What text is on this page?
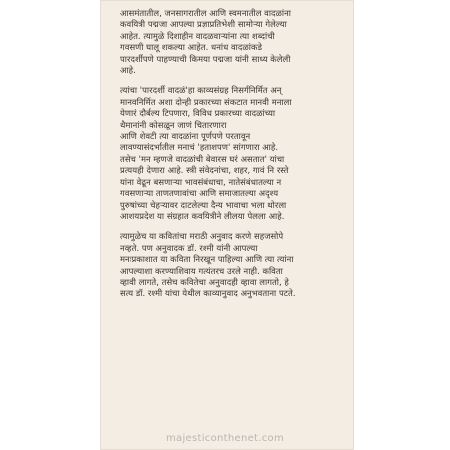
आसमंतातील, जनसागरातील आणि स्वमनातील वादळांना
कवयित्री पद्मजा आपल्या प्रज्ञाप्रतिभेशी सामोऱ्या गेलेल्या
आहेत. त्यामुळे दिशाहीन वादळवाऱ्यांना त्या शब्दांची
गवसणी घालू शकल्या आहेत. धनांध वादळांकडे
पारदर्शीपणे पाहण्याची किमया पद्मजा यांनी साध्य केलेली
आहे.
त्यांचा 'पारदर्शी वादळं'हा काव्यसंग्रह निसर्गनिर्मित अन्
मानवनिर्मित अशा दोन्ही प्रकारच्या संकटात मानवी मनाला
येणारं दौर्बल्य टिपणारा, विविध प्रकारच्या वादळांच्या
थैमानांनी कोसळून जाणं चितारणारा
आणि शेवटी त्या वादळांना पूर्णपणे परतावून
लावण्यासंदर्भातील मनाचं 'हताशपण' सांगणारा आहे.
तसेच 'मन म्हणजे वादळांची बेवारस घरं असतात' यांचा
प्रत्ययही देणारा आहे. स्त्री संवेदनांचा, शहर, गावं नि रस्ते
यांना वेढून बसणाऱ्या भावसंबंधाचा, नातेसंबंधातल्या न
गवसणाऱ्या ताणतणावांचा आणि समाजातल्या अदृश्य
पुरुषांच्या चेहऱ्यावर दाटलेल्या दैन्य भावाचा भला थोरला
आशयप्रदेश या संग्रहात कवयित्रीने लीलया पेलला आहे.
त्यामुळेच या कवितांचा मराठी अनुवाद करणे सहजसोपे
नव्हते. पण अनुवादक डॉ. रश्मी यांनी आपल्या
मनःप्रकाशात या कविता निरखून पाहिल्या आणि त्या त्यांना
आपल्याशा करण्याशिवाय गत्यंतरच उरले नाही. कविता
व्हावी लागते, तसेच कवितेचा अनुवादही व्हावा लागतो, हे
सत्य डॉ. रश्मी यांचा येथील काव्यानुवाद अनुभवताना पटते.
majesticonthenet.com
